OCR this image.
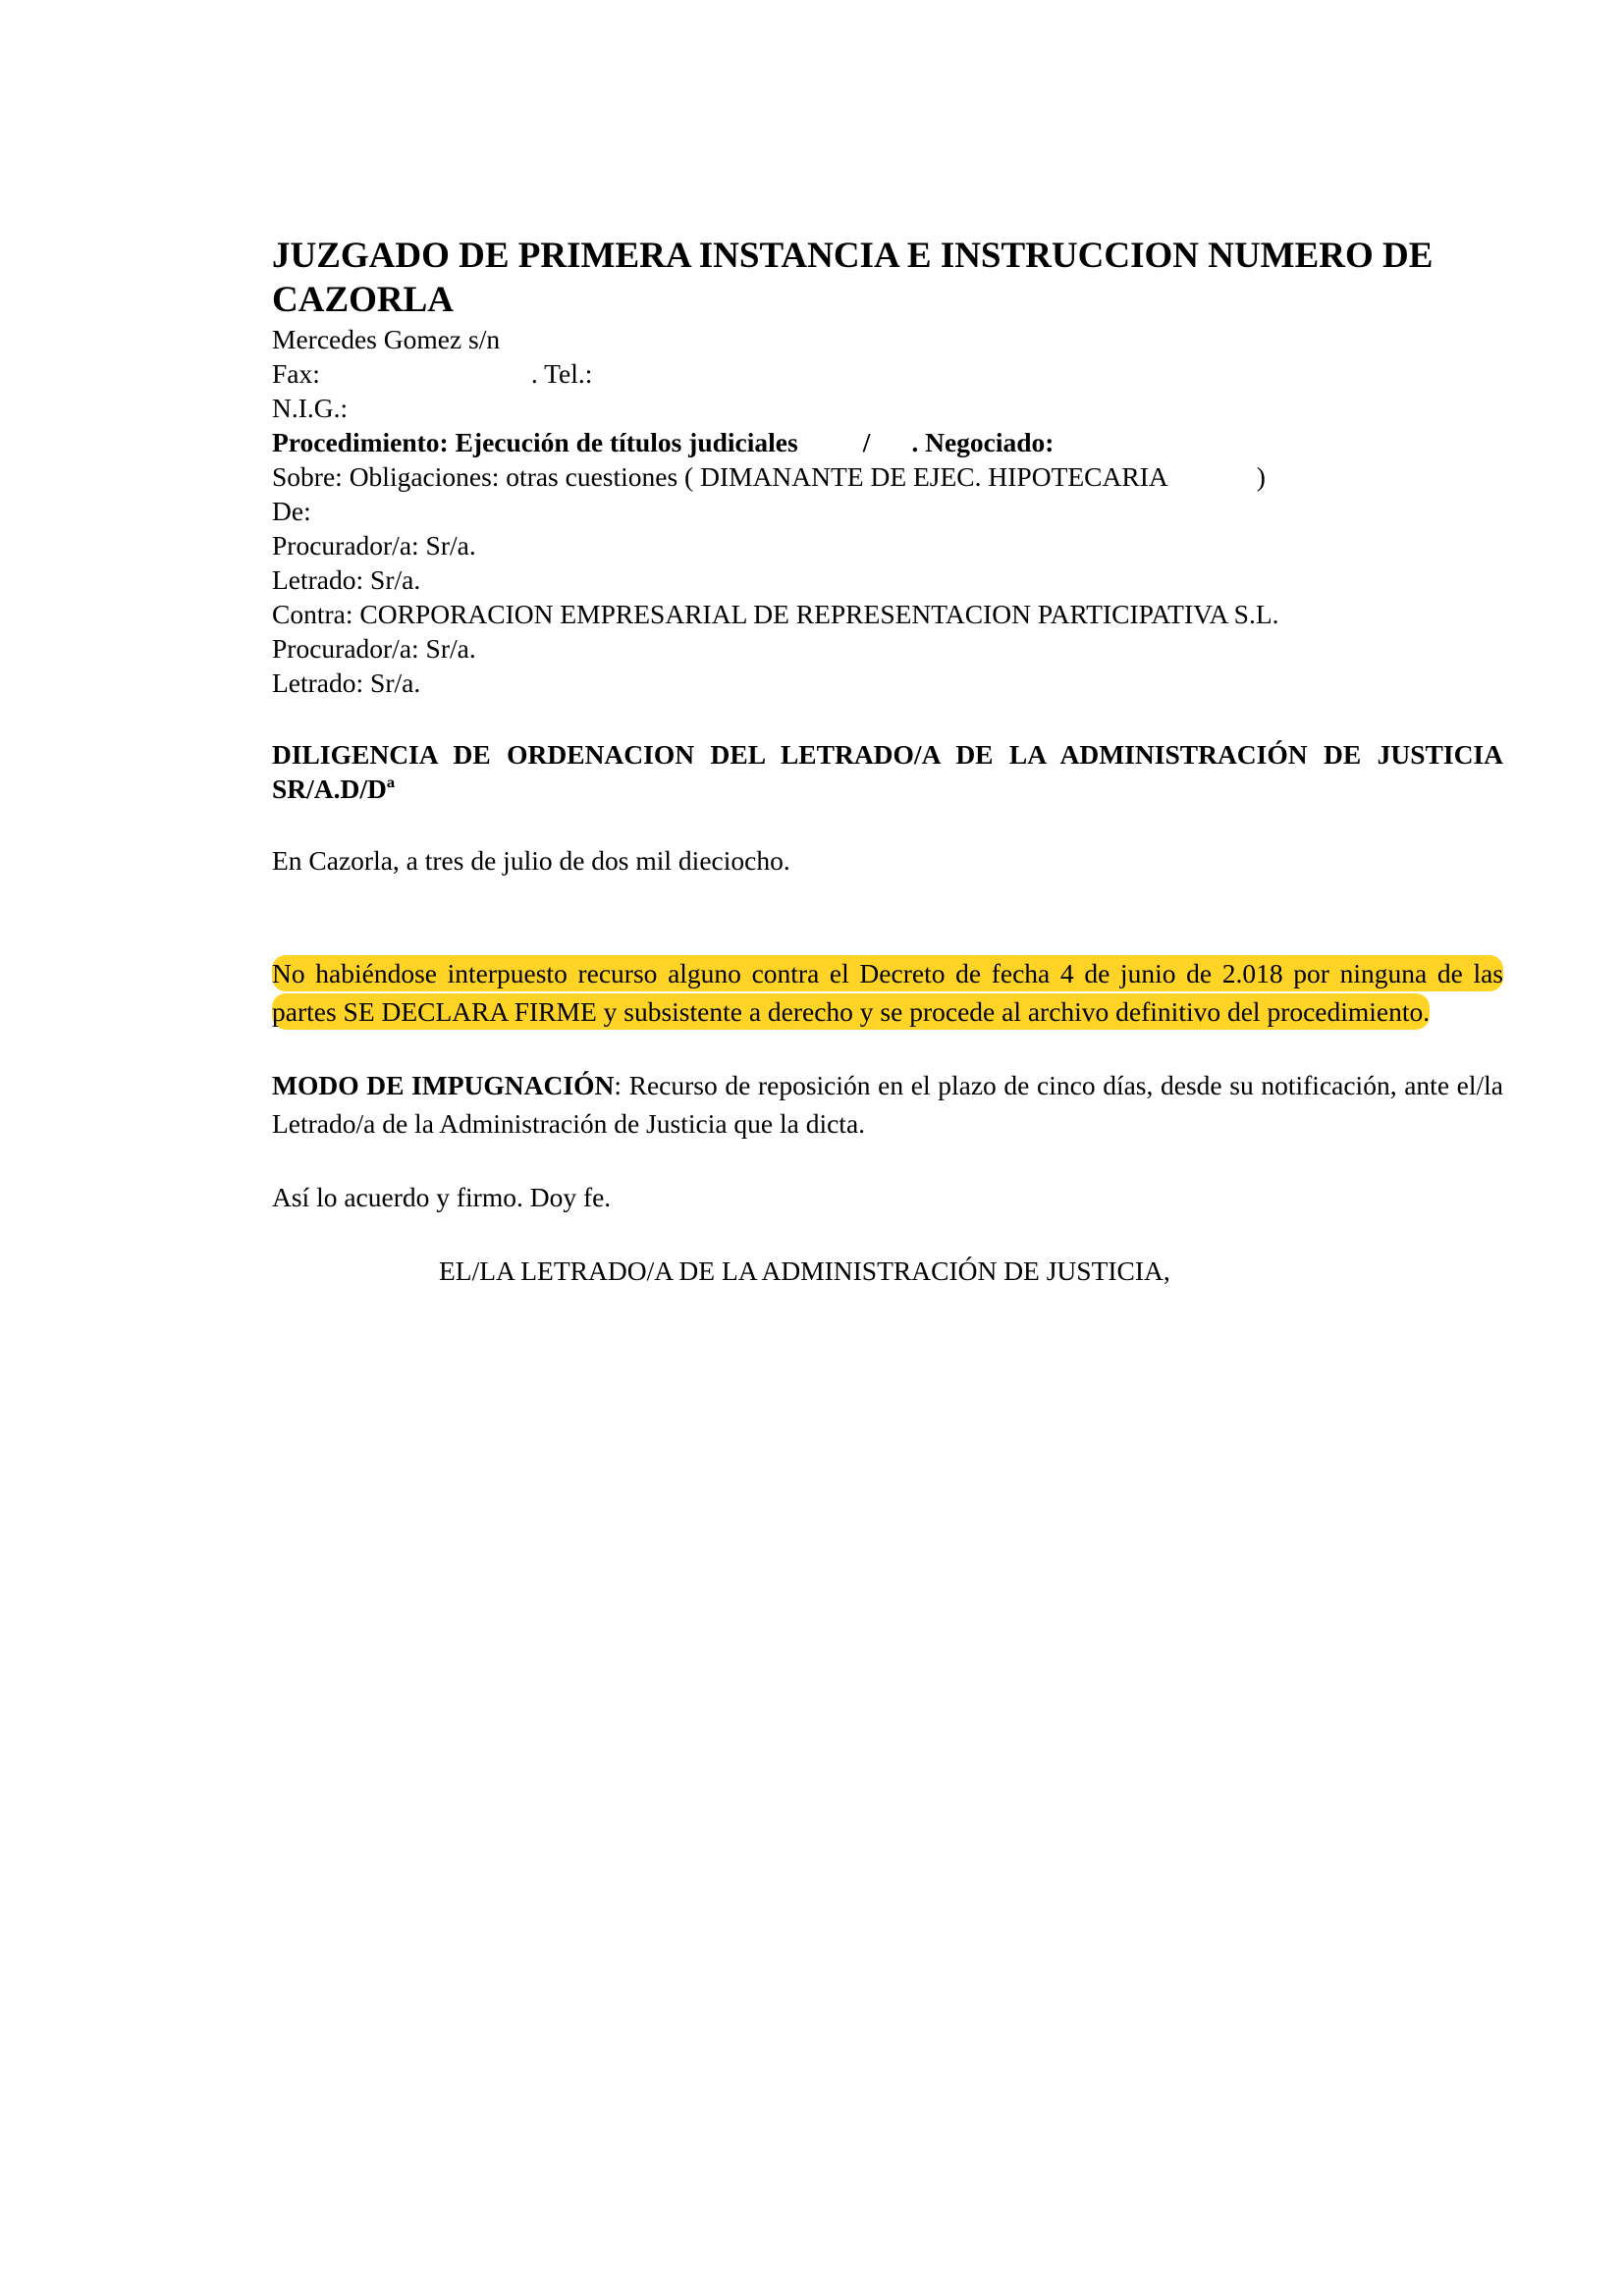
JUZGADO DE PRIMERA INSTANCIA E INSTRUCCION NUMERO DE CAZORLA
Mercedes Gomez s/n
Fax:	. Tel.:
N.I.G.:
Procedimiento: Ejecución de títulos judiciales / . Negociado:
Sobre: Obligaciones: otras cuestiones ( DIMANANTE DE EJEC. HIPOTECARIA	)
De:
Procurador/a: Sr/a.
Letrado: Sr/a.
Contra: CORPORACION EMPRESARIAL DE REPRESENTACION PARTICIPATIVA S.L.
Procurador/a: Sr/a.
Letrado: Sr/a.
DILIGENCIA DE ORDENACION DEL LETRADO/A DE LA ADMINISTRACIÓN DE JUSTICIA SR/A.D/Dª
En Cazorla, a tres de julio de dos mil dieciocho.
No habiéndose interpuesto recurso alguno contra el Decreto de fecha 4 de junio de 2.018 por ninguna de las partes SE DECLARA FIRME y subsistente a derecho y se procede al archivo definitivo del procedimiento.
MODO DE IMPUGNACIÓN: Recurso de reposición en el plazo de cinco días, desde su notificación, ante el/la Letrado/a de la Administración de Justicia que la dicta.
Así lo acuerdo y firmo. Doy fe.
EL/LA LETRADO/A DE LA ADMINISTRACIÓN DE JUSTICIA,
